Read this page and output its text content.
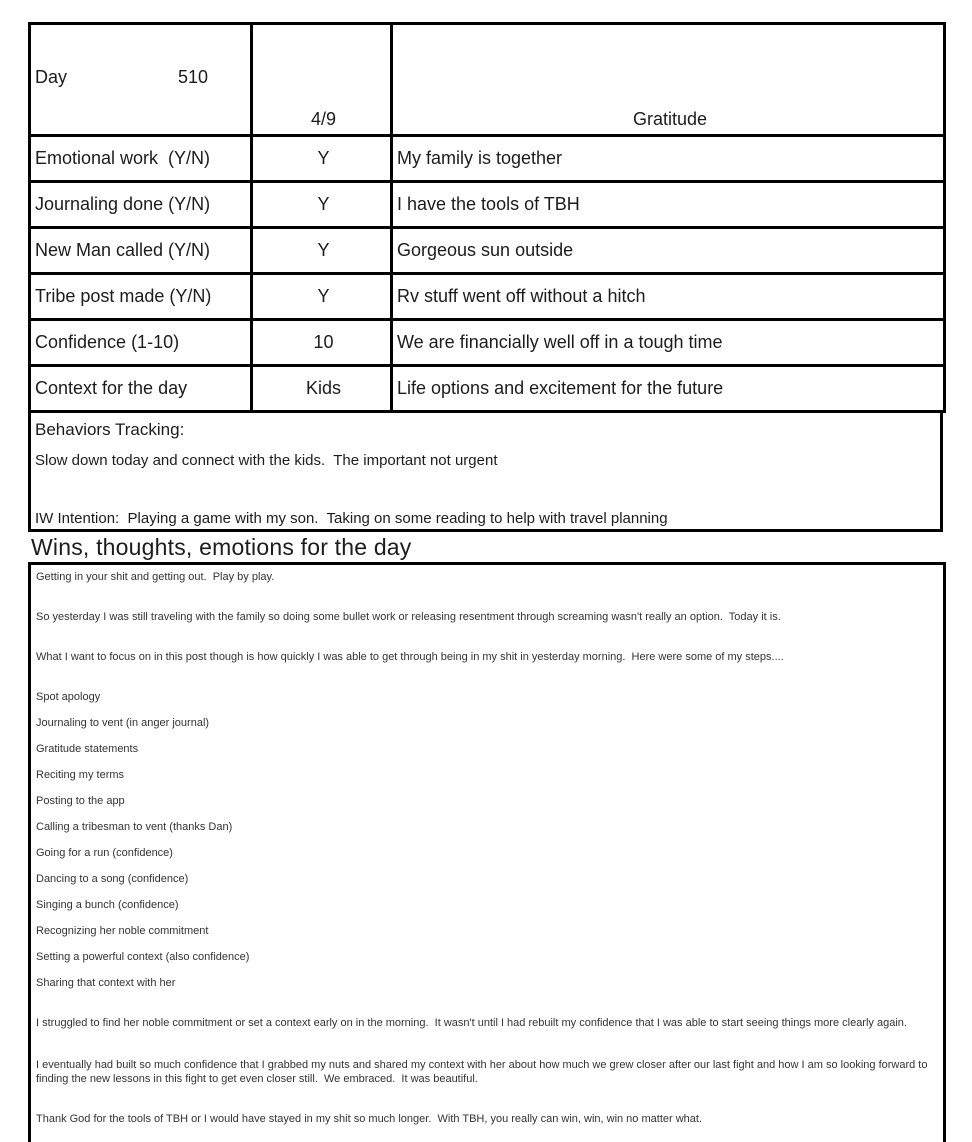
Day 510	4/9	Gratitude
Emotional work  (Y/N)	Y	My family is together
Journaling done (Y/N)	Y	I have the tools of TBH
New Man called (Y/N)	Y	Gorgeous sun outside
Tribe post made (Y/N)	Y	Rv stuff went off without a hitch
Confidence (1-10)	10	We are financially well off in a tough time
Context for the day	Kids	Life options and excitement for the future
Behaviors Tracking:
Slow down today and connect with the kids.  The important not urgent
IW Intention:  Playing a game with my son.  Taking on some reading to help with travel planning
Wins, thoughts, emotions for the day
Getting in your shit and getting out.  Play by play.
So yesterday I was still traveling with the family so doing some bullet work or releasing resentment through screaming wasn't really an option.  Today it is.
What I want to focus on in this post though is how quickly I was able to get through being in my shit in yesterday morning.  Here were some of my steps....
Spot apology
Journaling to vent (in anger journal)
Gratitude statements
Reciting my terms
Posting to the app
Calling a tribesman to vent (thanks Dan)
Going for a run (confidence)
Dancing to a song (confidence)
Singing a bunch (confidence)
Recognizing her noble commitment
Setting a powerful context (also confidence)
Sharing that context with her
I struggled to find her noble commitment or set a context early on in the morning.  It wasn't until I had rebuilt my confidence that I was able to start seeing things more clearly again.
I eventually had built so much confidence that I grabbed my nuts and shared my context with her about how much we grew closer after our last fight and how I am so looking forward to finding the new lessons in this fight to get even closer still.  We embraced.  It was beautiful.
Thank God for the tools of TBH or I would have stayed in my shit so much longer.  With TBH, you really can win, win, win no matter what.
